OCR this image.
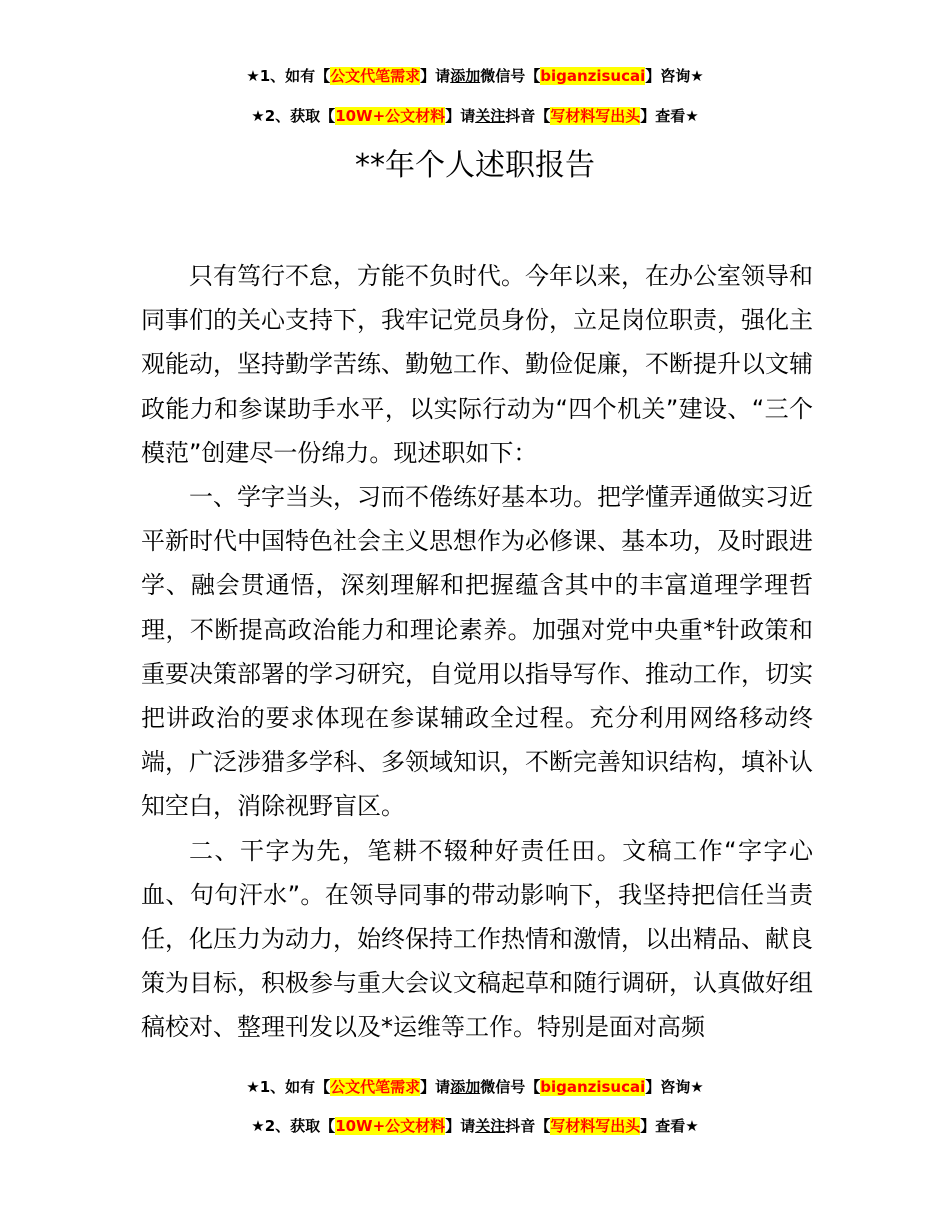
★1、如有【公文代笔需求】请添加微信号【biganzisucai】咨询★
★2、获取【10W+公文材料】请关注抖音【写材料写出头】查看★
**年个人述职报告

只有笃行不怠，方能不负时代。今年以来，在办公室领导和同事们的关心支持下，我牢记党员身份，立足岗位职责，强化主观能动，坚持勤学苦练、勤勉工作、勤俭促廉，不断提升以文辅政能力和参谋助手水平，以实际行动为“四个机关”建设、“三个模范”创建尽一份绵力。现述职如下：

一、学字当头，习而不倦练好基本功。把学懂弄通做实习近平新时代中国特色社会主义思想作为必修课、基本功，及时跟进学、融会贯通悟，深刻理解和把握蕴含其中的丰富道理学理哲理，不断提高政治能力和理论素养。加强对党中央重*针政策和重要决策部署的学习研究，自觉用以指导写作、推动工作，切实把讲政治的要求体现在参谋辅政全过程。充分利用网络移动终端，广泛涉猎多学科、多领域知识，不断完善知识结构，填补认知空白，消除视野盲区。

二、干字为先，笔耕不辍种好责任田。文稿工作“字字心血、句句汗水”。在领导同事的带动影响下，我坚持把信任当责任，化压力为动力，始终保持工作热情和激情，以出精品、献良策为目标，积极参与重大会议文稿起草和随行调研，认真做好组稿校对、整理刊发以及*运维等工作。特别是面对高频

★1、如有【公文代笔需求】请添加微信号【biganzisucai】咨询★
★2、获取【10W+公文材料】请关注抖音【写材料写出头】查看★
